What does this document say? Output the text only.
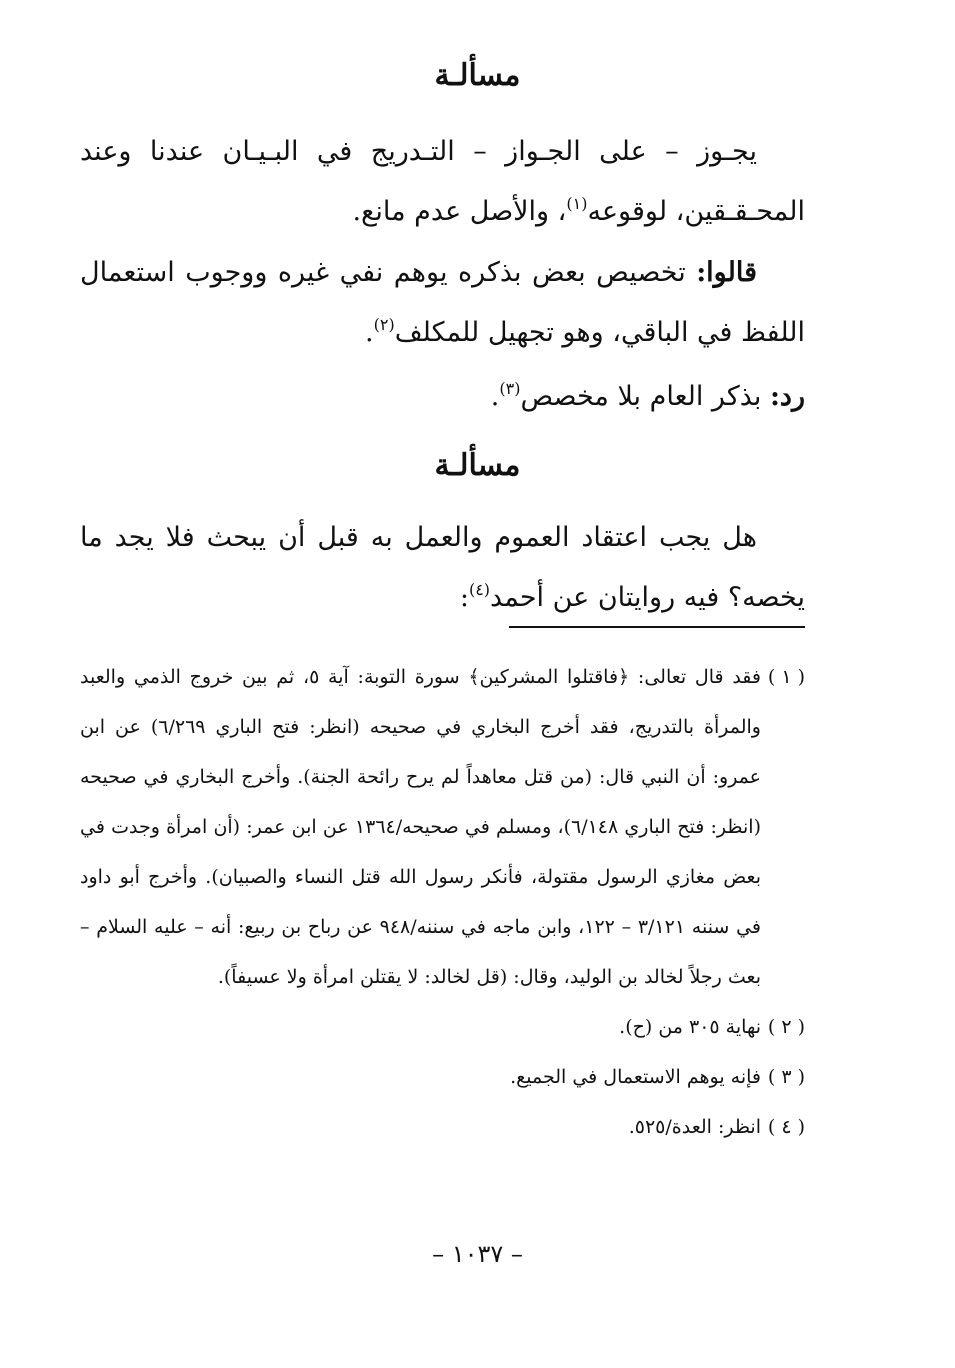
مسألـة

يجـوز – على الجـواز – التـدريج في البـيـان عندنا وعند المحـقـقين، لوقوعه$^{(١)}$، والأصل عدم مانع.

قالوا: تخصيص بعض بذكره يوهم نفي غيره ووجوب استعمال اللفظ في الباقي، وهو تجهيل للمكلف$^{(٢)}$.

رد: بذكر العام بلا مخصص$^{(٣)}$.

مسألـة

هل يجب اعتقاد العموم والعمل به قبل أن يبحث فلا يجد ما يخصه؟ فيه روايتان عن أحمد$^{(٤)}$:

( ١ )فقد قال تعالى: ﴿فاقتلوا المشركين﴾ سورة التوبة: آية ٥، ثم بين خروج الذمي والعبد والمرأة بالتدريج، فقد أخرج البخاري في صحيحه (انظر: فتح الباري ٦/٢٦٩) عن ابن عمرو: أن النبي قال: (من قتل معاهداً لم يرح رائحة الجنة). وأخرج البخاري في صحيحه (انظر: فتح الباري ٦/١٤٨)، ومسلم في صحيحه/١٣٦٤ عن ابن عمر: (أن امرأة وجدت في بعض مغازي الرسول مقتولة، فأنكر رسول الله قتل النساء والصبيان). وأخرج أبو داود في سننه ٣/١٢١ – ١٢٢، وابن ماجه في سننه/٩٤٨ عن رباح بن ربيع: أنه – عليه السلام – بعث رجلاً لخالد بن الوليد، وقال: (قل لخالد: لا يقتلن امرأة ولا عسيفاً).

( ٢ )نهاية ٣٠٥ من (ح).

( ٣ )فإنه يوهم الاستعمال في الجميع.

( ٤ )انظر: العدة/٥٢٥.

– ١٠٣٧ –
